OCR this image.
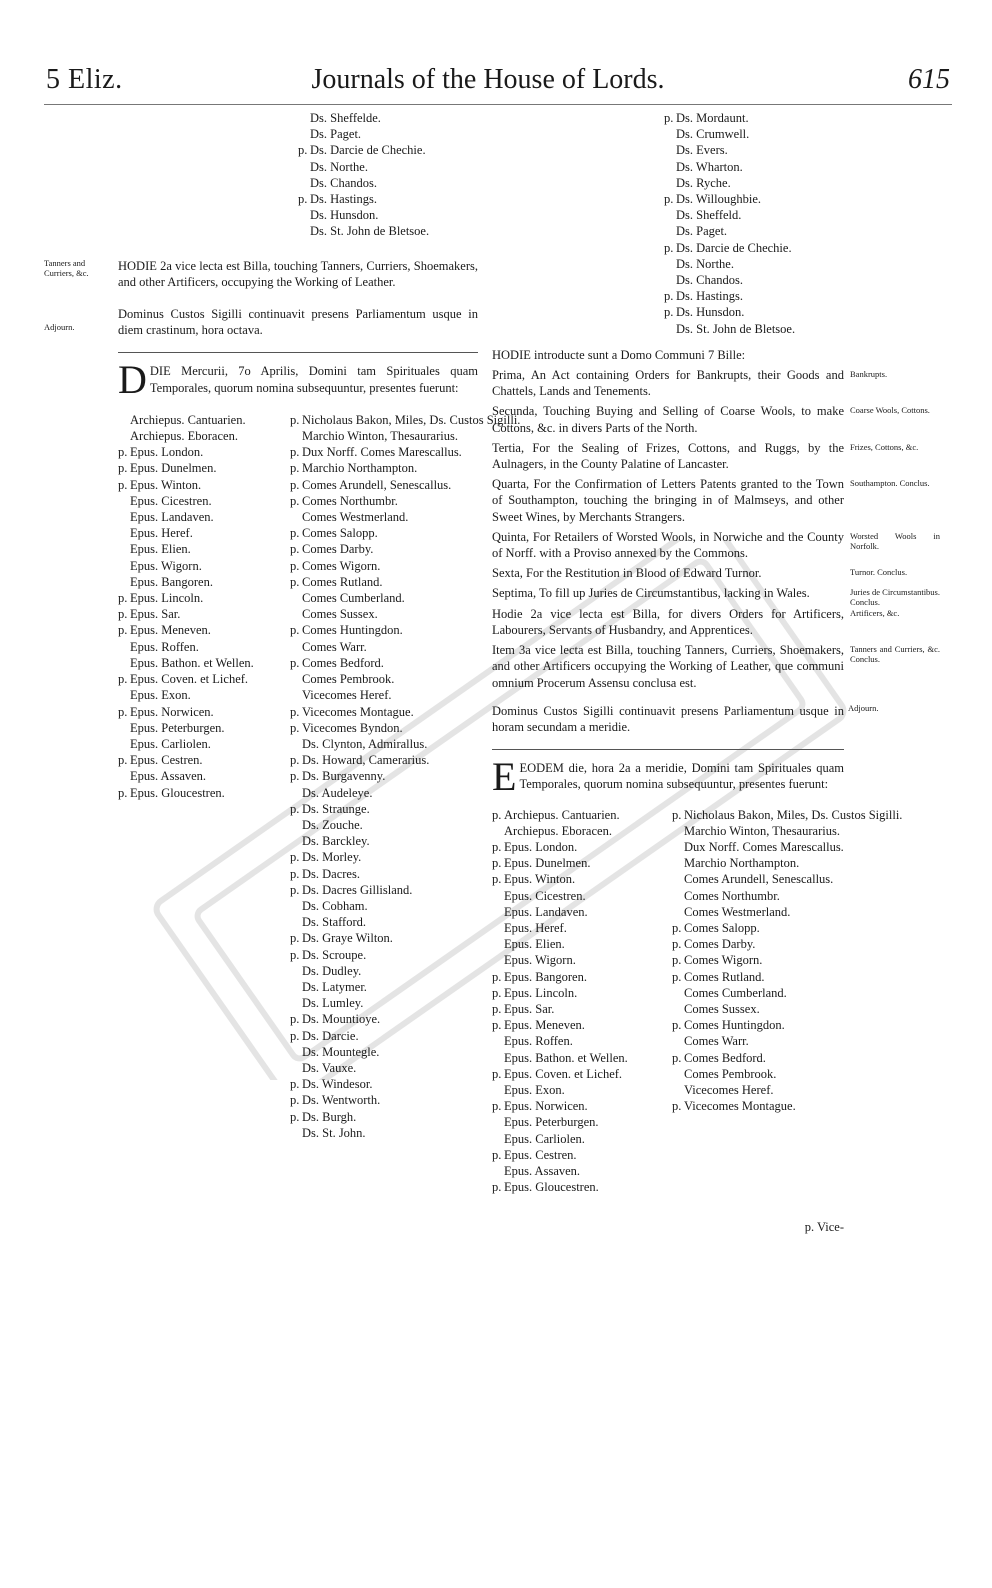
5 Eliz.	Journals of the House of Lords.	615
Tanners and Curriers, &c.
Adjourn.
Ds. Sheffelde.
Ds. Paget.
p. Ds. Darcie de Chechie.
Ds. Northe.
Ds. Chandos.
p. Ds. Hastings.
Ds. Hunsdon.
Ds. St. John de Bletsoe.
HODIE 2a vice lecta est Billa, touching Tanners, Curriers, Shoemakers, and other Artificers, occupying the Working of Leather.
Dominus Custos Sigilli continuavit presens Parliamentum usque in diem crastinum, hora octava.
DDIE Mercurii, 7o Aprilis, Domini tam Spirituales quam Temporales, quorum nomina subsequuntur, presentes fuerunt:
Archiepus. Cantuarien.
Archiepus. Eboracen.
p. Epus. London.
p. Epus. Dunelmen.
p. Epus. Winton.
Epus. Cicestren.
Epus. Landaven.
Epus. Heref.
Epus. Elien.
Epus. Wigorn.
Epus. Bangoren.
p. Epus. Lincoln.
p. Epus. Sar.
p. Epus. Meneven.
Epus. Roffen.
Epus. Bathon. et Wellen.
p. Epus. Coven. et Lichef.
Epus. Exon.
p. Epus. Norwicen.
Epus. Peterburgen.
Epus. Carliolen.
p. Epus. Cestren.
Epus. Assaven.
p. Epus. Gloucestren.
p. Nicholaus Bakon, Miles, Ds. Custos Sigilli.
Marchio Winton, Thesaurarius.
p. Dux Norff. Comes Marescallus.
p. Marchio Northampton.
p. Comes Arundell, Senescallus.
p. Comes Northumbr.
Comes Westmerland.
p. Comes Salopp.
p. Comes Darby.
p. Comes Wigorn.
p. Comes Rutland.
Comes Cumberland.
Comes Sussex.
p. Comes Huntingdon.
Comes Warr.
p. Comes Bedford.
Comes Pembrook.
Vicecomes Heref.
p. Vicecomes Montague.
p. Vicecomes Byndon.
Ds. Clynton, Admirallus.
p. Ds. Howard, Camerarius.
p. Ds. Burgavenny.
Ds. Audeleye.
p. Ds. Straunge.
Ds. Zouche.
Ds. Barckley.
p. Ds. Morley.
p. Ds. Dacres.
p. Ds. Dacres Gillisland.
Ds. Cobham.
Ds. Stafford.
p. Ds. Graye Wilton.
p. Ds. Scroupe.
Ds. Dudley.
Ds. Latymer.
Ds. Lumley.
p. Ds. Mountioye.
p. Ds. Darcie.
Ds. Mountegle.
Ds. Vauxe.
p. Ds. Windesor.
p. Ds. Wentworth.
p. Ds. Burgh.
Ds. St. John.
p. Ds. Mordaunt.
Ds. Crumwell.
Ds. Evers.
Ds. Wharton.
Ds. Ryche.
p. Ds. Willoughbie.
Ds. Sheffeld.
Ds. Paget.
p. Ds. Darcie de Chechie.
Ds. Northe.
Ds. Chandos.
p. Ds. Hastings.
p. Ds. Hunsdon.
Ds. St. John de Bletsoe.
HODIE introducte sunt a Domo Communi 7 Bille:
Prima, An Act containing Orders for Bankrupts, their Goods and Chattels, Lands and Tenements.
Bankrupts.
Secunda, Touching Buying and Selling of Coarse Wools, to make Cottons, &c. in divers Parts of the North.
Coarse Wools, Cottons.
Tertia, For the Sealing of Frizes, Cottons, and Ruggs, by the Aulnagers, in the County Palatine of Lancaster.
Frizes, Cottons, &c.
Quarta, For the Confirmation of Letters Patents granted to the Town of Southampton, touching the bringing in of Malmseys, and other Sweet Wines, by Merchants Strangers.
Southampton. Conclus.
Quinta, For Retailers of Worsted Wools, in Norwiche and the County of Norff. with a Proviso annexed by the Commons.
Worsted Wools in Norfolk.
Sexta, For the Restitution in Blood of Edward Turnor.	Turnor. Conclus.
Septima, To fill up Juries de Circumstantibus, lacking in Wales.	Juries de Circumstantibus. Conclus.
Hodie 2a vice lecta est Billa, for divers Orders for Artificers, Labourers, Servants of Husbandry, and Apprentices.
Artificers, &c.
Item 3a vice lecta est Billa, touching Tanners, Curriers, Shoemakers, and other Artificers occupying the Working of Leather, que communi omnium Procerum Assensu conclusa est.
Tanners and Curriers, &c. Conclus.
Dominus Custos Sigilli continuavit presens Parliamentum usque in horam secundam a meridie.
Adjourn.
EEODEM die, hora 2a a meridie, Domini tam Spirituales quam Temporales, quorum nomina subsequuntur, presentes fuerunt:
p. Archiepus. Cantuarien.
Archiepus. Eboracen.
p. Epus. London.
p. Epus. Dunelmen.
p. Epus. Winton.
Epus. Cicestren.
Epus. Landaven.
Epus. Heref.
Epus. Elien.
Epus. Wigorn.
p. Epus. Bangoren.
p. Epus. Lincoln.
p. Epus. Sar.
p. Epus. Meneven.
Epus. Roffen.
Epus. Bathon. et Wellen.
p. Epus. Coven. et Lichef.
Epus. Exon.
p. Epus. Norwicen.
Epus. Peterburgen.
Epus. Carliolen.
p. Epus. Cestren.
Epus. Assaven.
p. Epus. Gloucestren.
p. Nicholaus Bakon, Miles, Ds. Custos Sigilli.
Marchio Winton, Thesaurarius.
Dux Norff. Comes Marescallus.
Marchio Northampton.
Comes Arundell, Senescallus.
Comes Northumbr.
Comes Westmerland.
p. Comes Salopp.
p. Comes Darby.
p. Comes Wigorn.
p. Comes Rutland.
Comes Cumberland.
Comes Sussex.
p. Comes Huntingdon.
Comes Warr.
p. Comes Bedford.
Comes Pembrook.
Vicecomes Heref.
p. Vicecomes Montague.
p. Vice-
